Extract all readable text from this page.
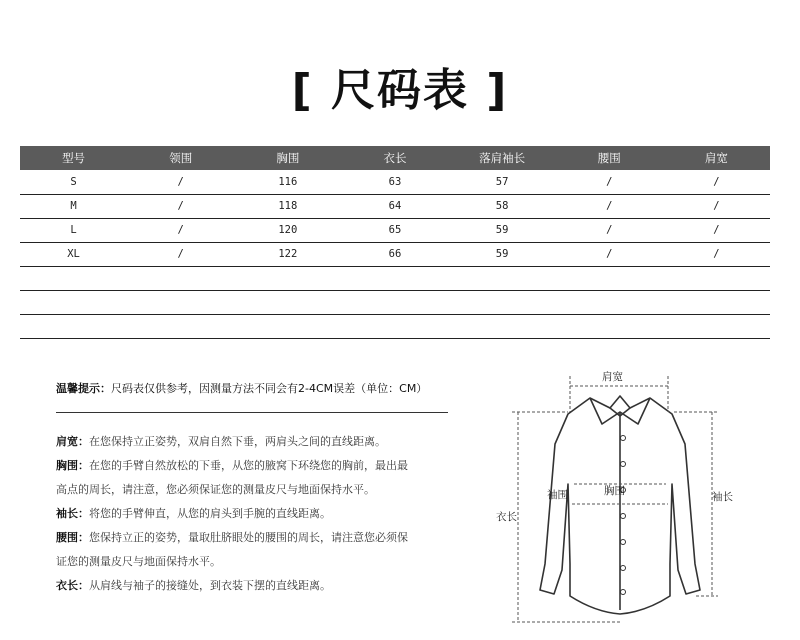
[ 尺码表 ]
型号	领围	胸围	衣长	落肩袖长	腰围	肩宽
S	/	116	63	57	/	/
M	/	118	64	58	/	/
L	/	120	65	59	/	/
XL	/	122	66	59	/	/

温馨提示：尺码表仅供参考，因测量方法不同会有2-4CM误差（单位：CM）
肩宽：在您保持立正姿势，双肩自然下垂，两肩头之间的直线距离。
胸围：在您的手臂自然放松的下垂，从您的腋窝下环绕您的胸前，最出最
高点的周长，请注意，您必须保证您的测量皮尺与地面保持水平。
袖长：将您的手臂伸直，从您的肩头到手腕的直线距离。
腰围：您保持立正的姿势，量取肚脐眼处的腰围的周长，请注意您必须保
证您的测量皮尺与地面保持水平。
衣长：从肩线与袖子的接缝处，到衣装下摆的直线距离。
肩宽
胸围
袖围	袖长
衣长
